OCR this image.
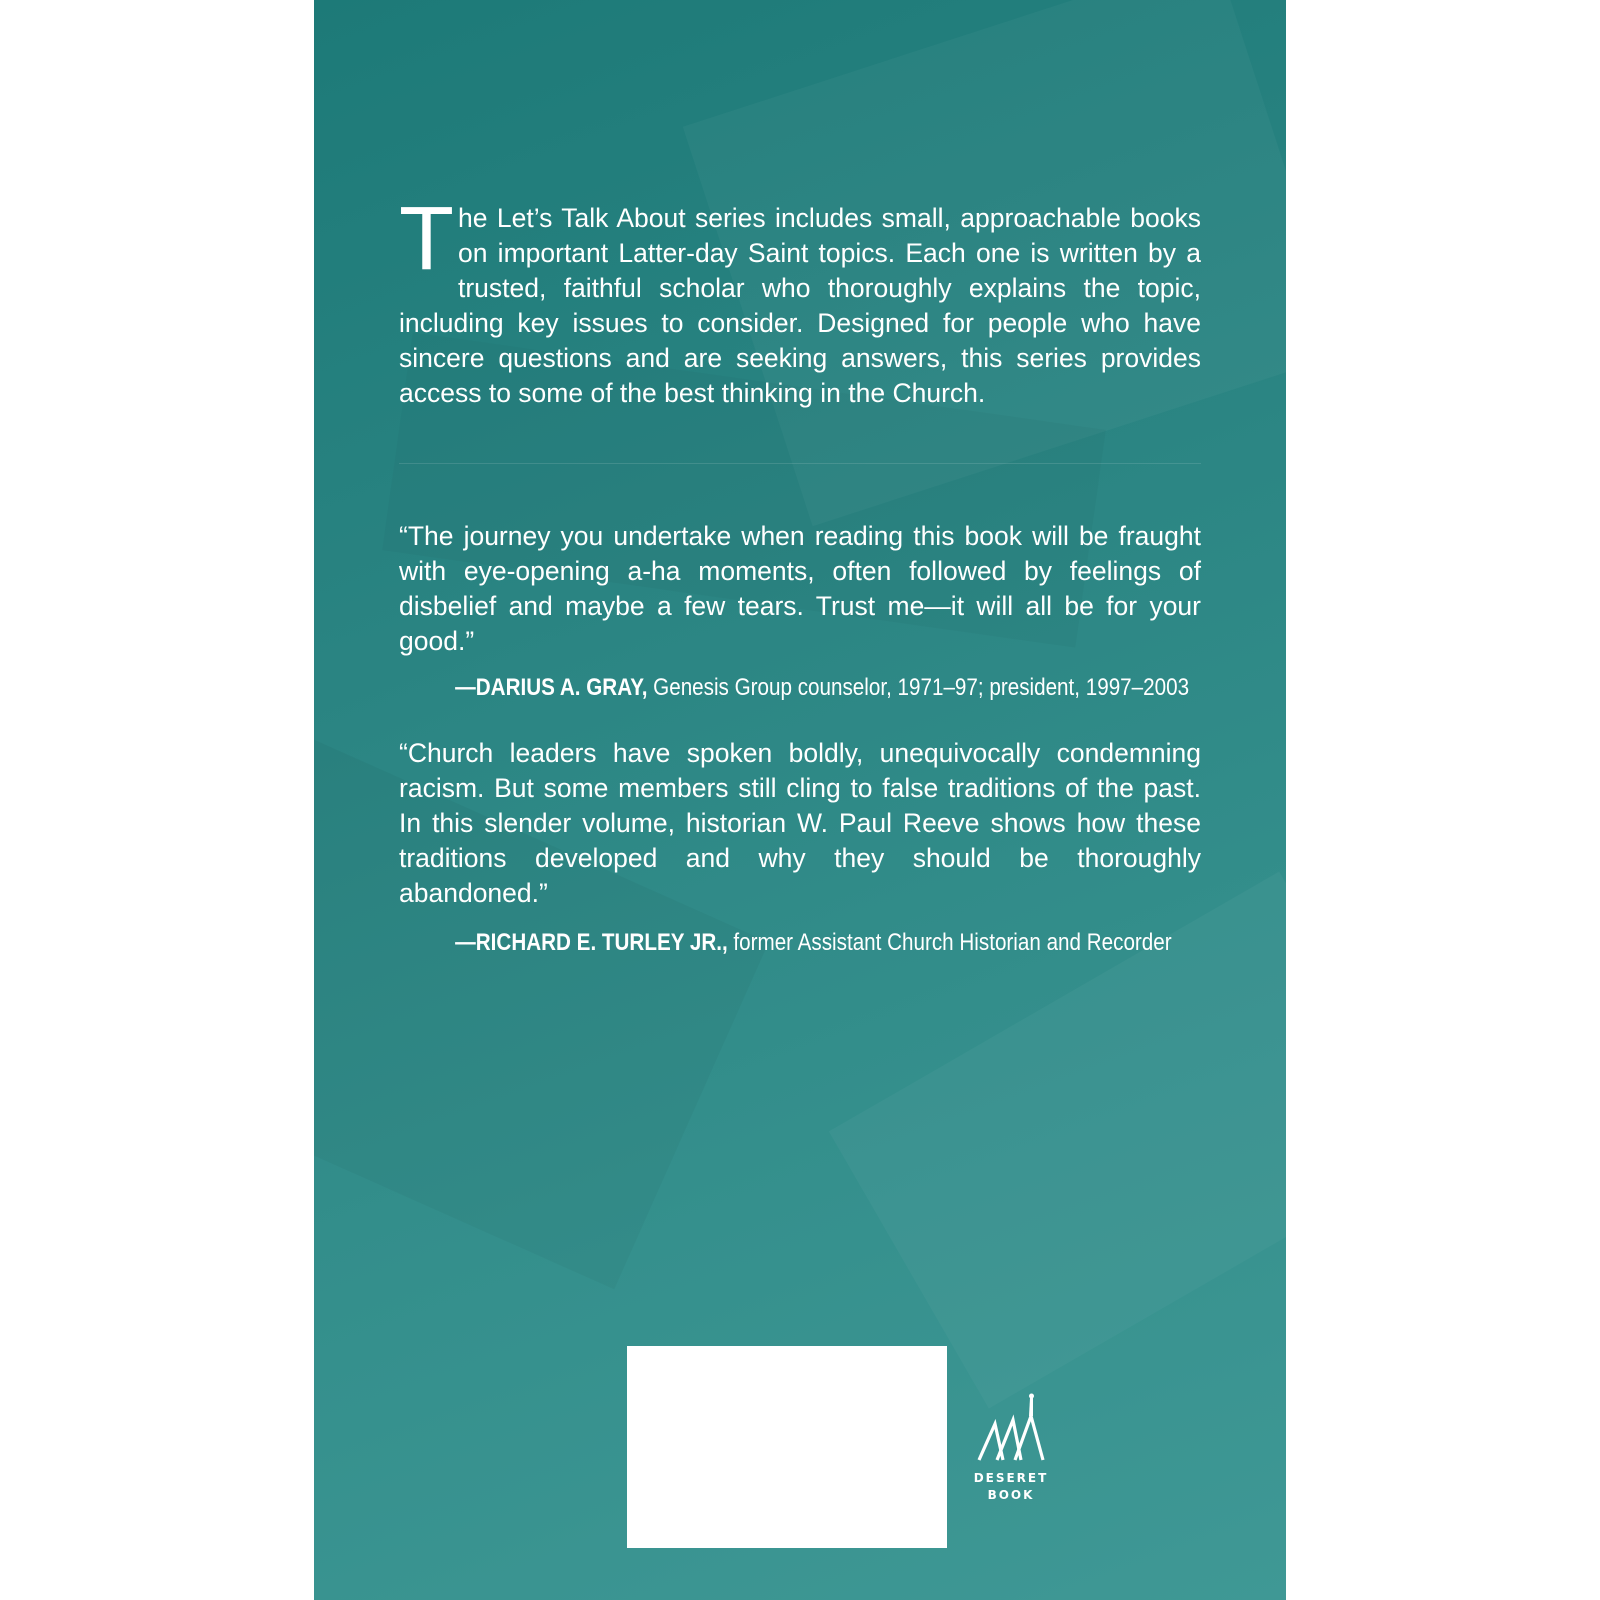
The Let’s Talk About series includes small, approachable books on important Latter-day Saint topics. Each one is written by a trusted, faithful scholar who thoroughly explains the topic, including key issues to consider. Designed for people who have sincere questions and are seeking answers, this series provides access to some of the best thinking in the Church.
“The journey you undertake when reading this book will be fraught with eye-opening a-ha moments, often followed by feelings of disbelief and maybe a few tears. Trust me—it will all be for your good.”
—DARIUS A. GRAY, Genesis Group counselor, 1971–97; president, 1997–2003
“Church leaders have spoken boldly, unequivocally condemning racism. But some members still cling to false traditions of the past. In this slender volume, historian W. Paul Reeve shows how these traditions developed and why they should be thoroughly abandoned.”
—RICHARD E. TURLEY JR., former Assistant Church Historian and Recorder
DESERET
BOOK
